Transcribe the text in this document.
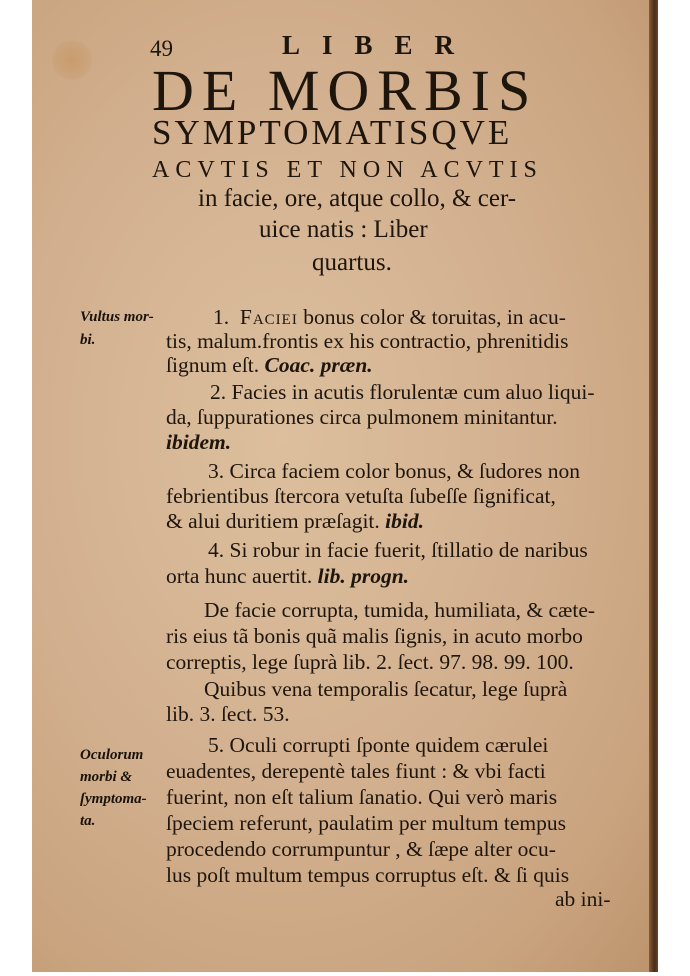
49	LIBER
DE MORBIS
SYMPTOMATISQVE
ACVTIS ET NON ACVTIS
in facie, ore, atque collo, & cer-
uice natis : Liber
quartus.
Vultus mor-
bi.
1. Faciei bonus color & toruitas, in acu-
tis, malum.frontis ex his contractio, phrenitidis
ſignum eſt. Coac. præn.
2. Facies in acutis florulentæ cum aluo liqui-
da, ſuppurationes circa pulmonem minitantur.
ibidem.
3. Circa faciem color bonus, & ſudores non
febrientibus ſtercora vetuſta ſubeſſe ſignificat,
& alui duritiem præſagit. ibid.
4. Si robur in facie fuerit, ſtillatio de naribus
orta hunc auertit. lib. progn.
De facie corrupta, tumida, humiliata, & cæte-
ris eius tã bonis quã malis ſignis, in acuto morbo
correptis, lege ſuprà lib. 2. ſect. 97. 98. 99. 100.
Quibus vena temporalis ſecatur, lege ſuprà
lib. 3. ſect. 53.
Oculorum
morbi &
ſymptoma-
ta.
5. Oculi corrupti ſponte quidem cærulei
euadentes, derepentè tales fiunt : & vbi facti
fuerint, non eſt talium ſanatio. Qui verò maris
ſpeciem referunt, paulatim per multum tempus
procedendo corrumpuntur , & ſæpe alter ocu-
lus poſt multum tempus corruptus eſt. & ſi quis
ab ini-
